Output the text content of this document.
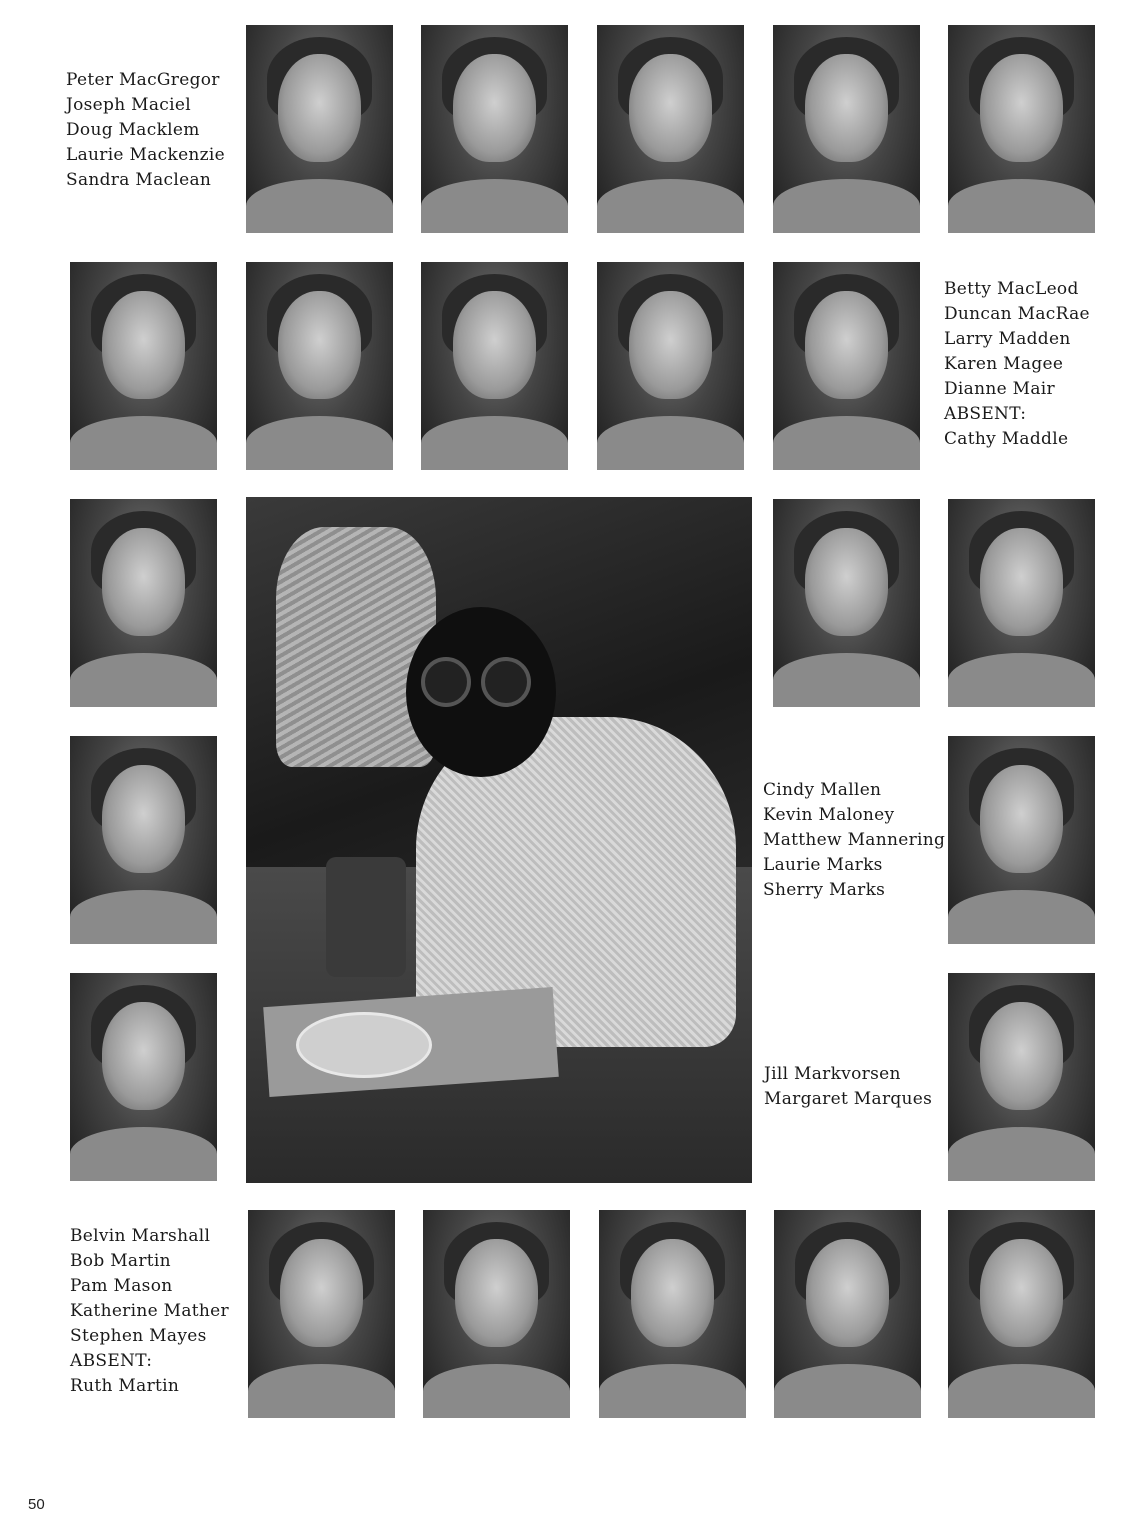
Peter MacGregor
Joseph Maciel
Doug Macklem
Laurie Mackenzie
Sandra Maclean
Betty MacLeod
Duncan MacRae
Larry Madden
Karen Magee
Dianne Mair
ABSENT:
Cathy Maddle
Cindy Mallen
Kevin Maloney
Matthew Mannering
Laurie Marks
Sherry Marks
Jill Markvorsen
Margaret Marques
Belvin Marshall
Bob Martin
Pam Mason
Katherine Mather
Stephen Mayes
ABSENT:
Ruth Martin
50
